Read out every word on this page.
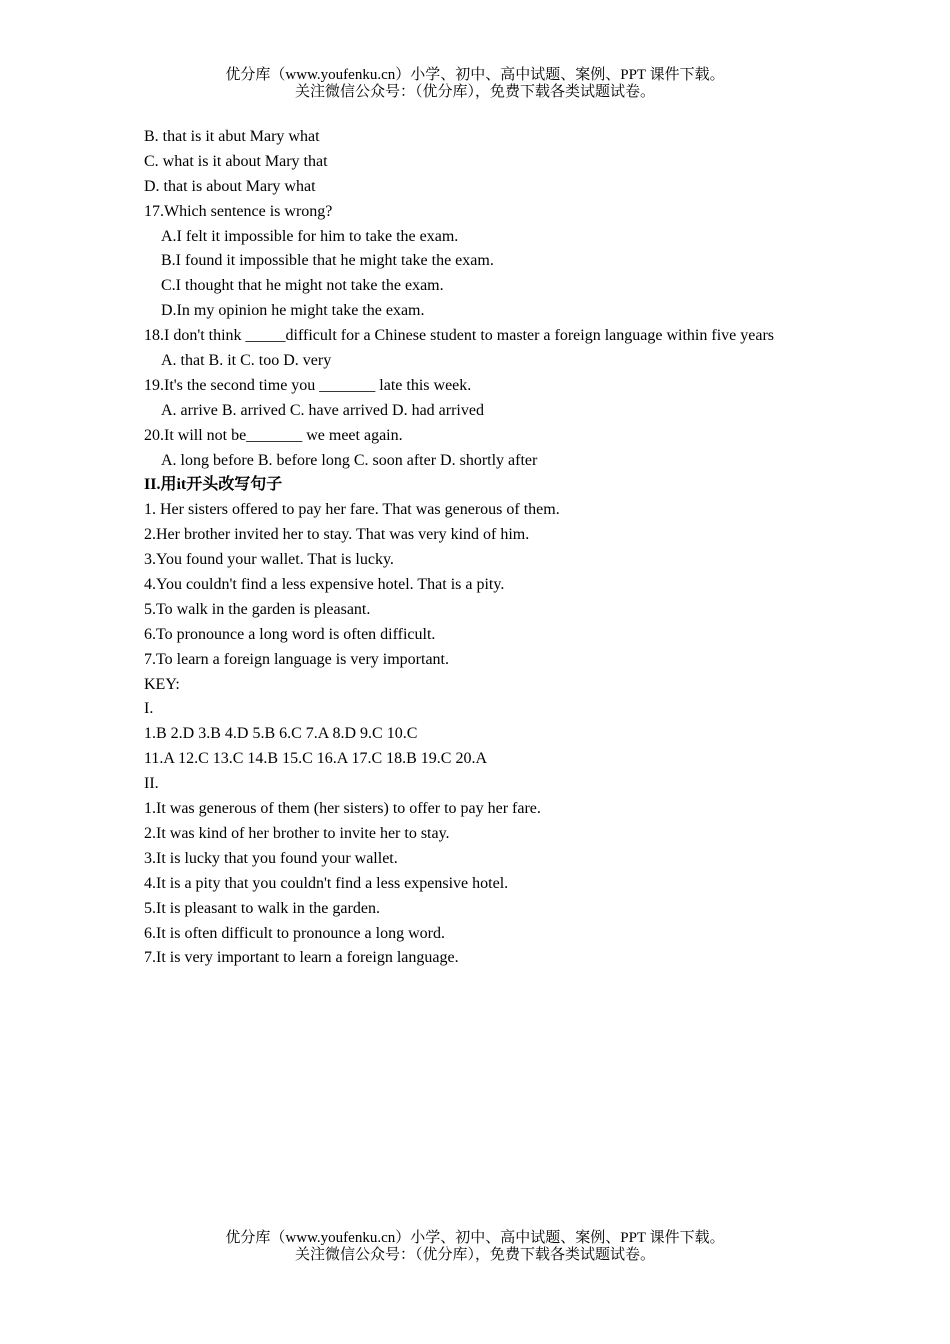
优分库（www.youfenku.cn）小学、初中、高中试题、案例、PPT 课件下载。
关注微信公众号：（优分库），免费下载各类试题试卷。
B. that is it abut Mary what
C. what is it about Mary that
D. that is about Mary what
17.Which sentence is wrong?
A.I felt it impossible for him to take the exam.
B.I found it impossible that he might take the exam.
C.I thought that he might not take the exam.
D.In my opinion he might take the exam.
18.I don't think _____difficult for a Chinese student to master a foreign language within five years
A. that B. it C. too D. very
19.It's the second time you _______ late this week.
A. arrive B. arrived C. have arrived D. had arrived
20.It will not be_______ we meet again.
A. long before B. before long C. soon after D. shortly after
II.用it开头改写句子
1. Her sisters offered to pay her fare. That was generous of them.
2.Her brother invited her to stay. That was very kind of him.
3.You found your wallet. That is lucky.
4.You couldn't find a less expensive hotel. That is a pity.
5.To walk in the garden is pleasant.
6.To pronounce a long word is often difficult.
7.To learn a foreign language is very important.
KEY:
I.
1.B 2.D 3.B 4.D 5.B 6.C 7.A 8.D 9.C 10.C
11.A 12.C 13.C 14.B 15.C 16.A 17.C 18.B 19.C 20.A
II.
1.It was generous of them (her sisters) to offer to pay her fare.
2.It was kind of her brother to invite her to stay.
3.It is lucky that you found your wallet.
4.It is a pity that you couldn't find a less expensive hotel.
5.It is pleasant to walk in the garden.
6.It is often difficult to pronounce a long word.
7.It is very important to learn a foreign language.
优分库（www.youfenku.cn）小学、初中、高中试题、案例、PPT 课件下载。
关注微信公众号：（优分库），免费下载各类试题试卷。
